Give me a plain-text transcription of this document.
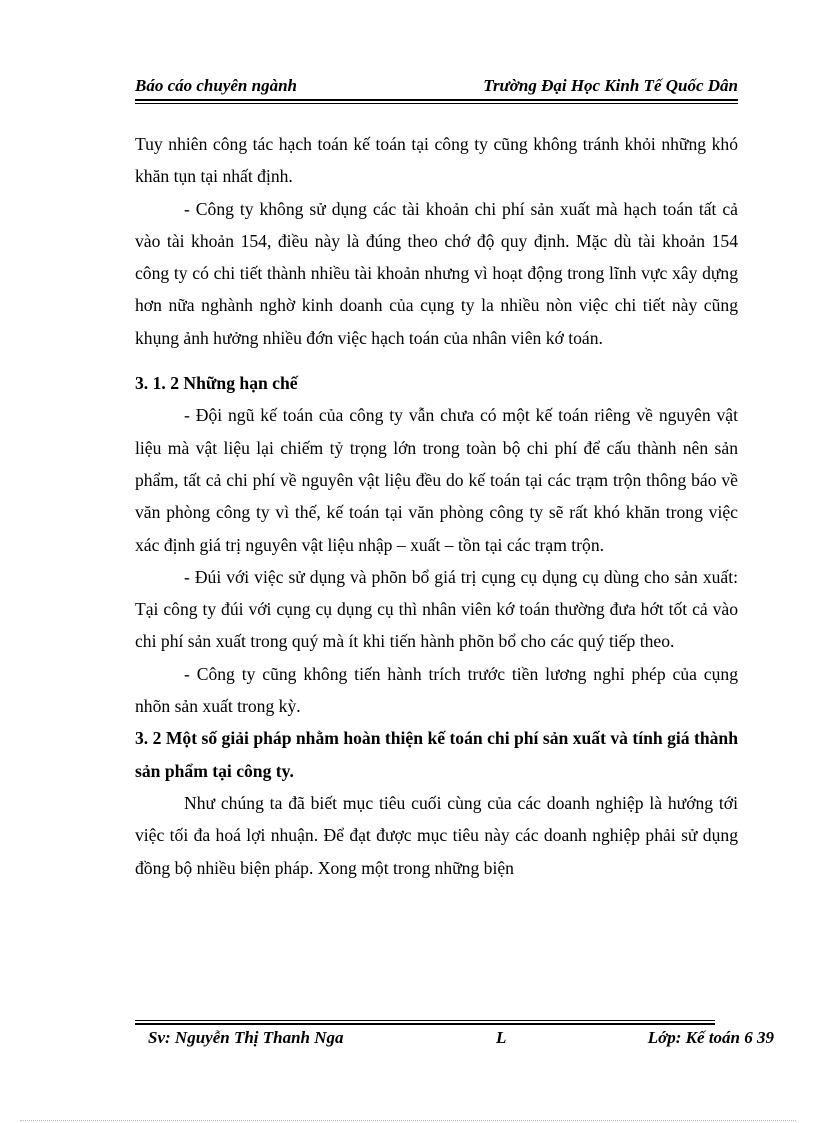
Báo cáo chuyên ngành	Trường Đại Học Kinh Tế Quốc Dân

Tuy nhiên công tác hạch toán kế toán tại công ty cũng không tránh khỏi những khó khăn tụn tại nhất định.

- Công ty không sử dụng các tài khoản chi phí sản xuất mà hạch toán tất cả vào tài khoản 154, điều này là đúng theo chớ độ quy định. Mặc dù tài khoản 154 công ty có chi tiết thành nhiều tài khoản nhưng vì hoạt động trong lĩnh vực xây dựng hơn nữa nghành nghờ kinh doanh của cụng ty la nhiều nòn việc chi tiết này cũng khụng ảnh hưởng nhiều đớn việc hạch toán của nhân viên kớ toán.

3. 1. 2 Những hạn chế

- Đội ngũ kế toán của công ty vẫn chưa có một kế toán riêng về nguyên vật liệu mà vật liệu lại chiếm tỷ trọng lớn trong toàn bộ chi phí để cấu thành nên sản phẩm, tất cả chi phí về nguyên vật liệu đều do kế toán tại các trạm trộn thông báo về văn phòng công ty vì thế, kế toán tại văn phòng công ty sẽ rất khó khăn trong việc xác định giá trị nguyên vật liệu nhập – xuất – tồn tại các trạm trộn.

- Đúi với việc sử dụng và phõn bổ giá trị cụng cụ dụng cụ dùng cho sản xuất: Tại công ty đúi với cụng cụ dụng cụ thì nhân viên kớ toán thường đưa hớt tốt cả vào chi phí sản xuất trong quý mà ít khi tiến hành phõn bổ cho các quý tiếp theo.

- Công ty cũng không tiến hành trích trước tiền lương nghỉ phép của cụng nhõn sản xuất trong kỳ.

3. 2 Một số giải pháp nhằm hoàn thiện kế toán chi phí sản xuất và tính giá thành sản phẩm tại công ty.

Như chúng ta đã biết mục tiêu cuối cùng của các doanh nghiệp là hướng tới việc tối đa hoá lợi nhuận. Để đạt được mục tiêu này các doanh nghiệp phải sử dụng đồng bộ nhiều biện pháp. Xong một trong những biện

Sv: Nguyễn Thị Thanh Nga	L	Lớp: Kế toán 6 39
